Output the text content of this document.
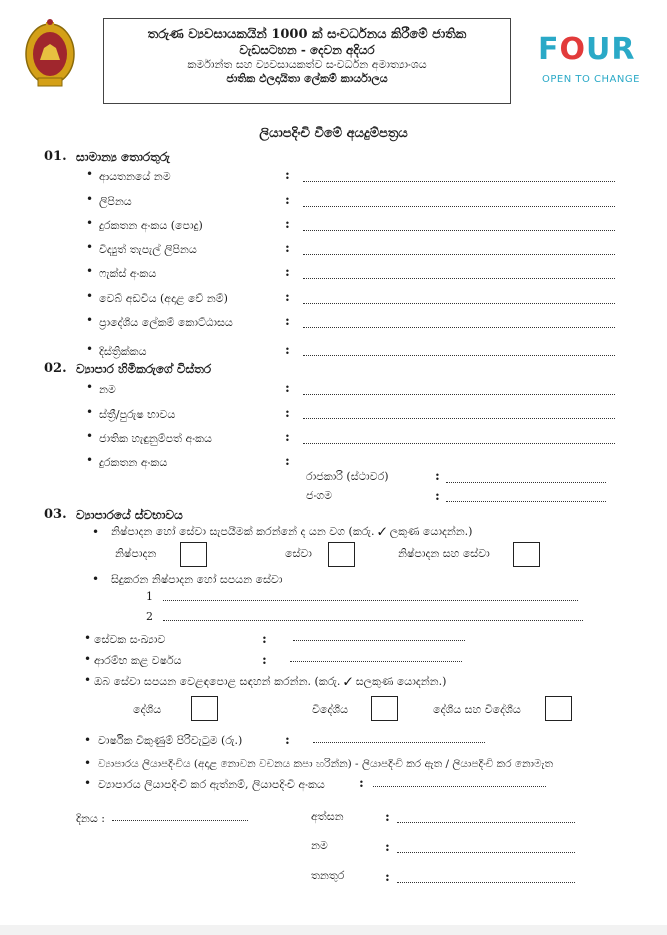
තරුණ ව්‍යවසායකයින් 1000 ක් සංවර්ධනය කිරීමේ ජාතික
වැඩසටහන - දෙවන අදියර
කර්මාන්ත සහ ව්‍යවසායකත්ව සංවර්ධන අමාත්‍යාංශය
ජාතික ඵලදායිතා ලේකම් කාර්යාලය
FOUR
OPEN TO CHANGE
ලියාපදිංචි වීමේ අයදුම්පත්‍රය
01. සාමාන්‍ය තොරතුරු
• ආයතනයේ නම	:
• ලිපිනය	:
• දුරකතන අංකය (පොදු)	:
• විද්‍යුත් තැපැල් ලිපිනය	:
• ෆැක්ස් අංකය	:
• වෙබ් අඩවිය (අදාළ වේ නම්)	:
• ප්‍රාදේශීය ලේකම් කොට්ඨාසය	:
• දිස්ත්‍රික්කය	:
02. ව්‍යාපාර හිමිකරුගේ විස්තර
• නම	:
• ස්ත්‍රී/පුරුෂ භාවය	:
• ජාතික හැඳුනුම්පත් අංකය	:
• දුරකතන අංකය	:
රාජකාරි (ස්ථාවර)	:
ජංගම	:
03. ව්‍යාපාරයේ ස්වභාවය
• නිෂ්පාදන හෝ සේවා සැපයීමක් කරන්නේ ද යන වග (කරු. ✓ ලකුණ යොදන්න.)
නිෂ්පාදන	සේවා	නිෂ්පාදන සහ සේවා
• සිදුකරන නිෂ්පාදන හෝ සපයන සේවා
1
2
• සේවක සංඛ්‍යාව	:
• ආරම්භ කළ වර්ෂය	:
• ඔබ සේවා සපයන වෙළඳපොළ සඳහන් කරන්න. (කරු. ✓ සලකුණ යොදන්න.)
දේශීය	විදේශීය	දේශීය සහ විදේශීය
• වාර්ෂික විකුණුම් පිරිවැටුම (රු.)	:
• ව්‍යාපාරය ලියාපදිංචිය (අදාළ නොවන වචනය කපා හරින්න) - ලියාපදිංචි කර ඇත / ලියාපදිංචි කර නොමැත
• ව්‍යාපාරය ලියාපදිංචි කර ඇත්නම්, ලියාපදිංචි අංකය	:
දිනය :	අත්සන	:
නම	:
තනතුර	:
